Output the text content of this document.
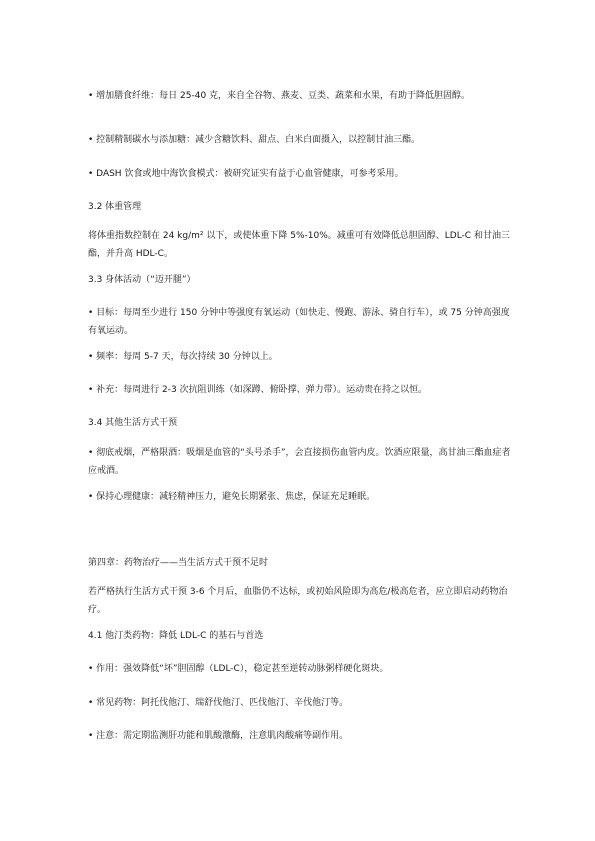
• 增加膳食纤维：每日 25-40 克，来自全谷物、燕麦、豆类、蔬菜和水果，有助于降低胆固醇。

• 控制精制碳水与添加糖：减少含糖饮料、甜点、白米白面摄入，以控制甘油三酯。

• DASH 饮食或地中海饮食模式：被研究证实有益于心血管健康，可参考采用。

3.2 体重管理

将体重指数控制在 24 kg/m² 以下，或使体重下降 5%-10%。减重可有效降低总胆固醇、LDL-C 和甘油三酯，并升高 HDL-C。

3.3 身体活动（“迈开腿”）

• 目标：每周至少进行 150 分钟中等强度有氧运动（如快走、慢跑、游泳、骑自行车），或 75 分钟高强度有氧运动。

• 频率：每周 5-7 天，每次持续 30 分钟以上。

• 补充：每周进行 2-3 次抗阻训练（如深蹲、俯卧撑、弹力带）。运动贵在持之以恒。

3.4 其他生活方式干预

• 彻底戒烟，严格限酒：吸烟是血管的“头号杀手”，会直接损伤血管内皮。饮酒应限量，高甘油三酯血症者应戒酒。

• 保持心理健康：减轻精神压力，避免长期紧张、焦虑，保证充足睡眠。

第四章：药物治疗——当生活方式干预不足时

若严格执行生活方式干预 3-6 个月后，血脂仍不达标，或初始风险即为高危/极高危者，应立即启动药物治疗。

4.1 他汀类药物：降低 LDL-C 的基石与首选

• 作用：强效降低“坏”胆固醇（LDL-C），稳定甚至逆转动脉粥样硬化斑块。

• 常见药物：阿托伐他汀、瑞舒伐他汀、匹伐他汀、辛伐他汀等。

• 注意：需定期监测肝功能和肌酸激酶，注意肌肉酸痛等副作用。
